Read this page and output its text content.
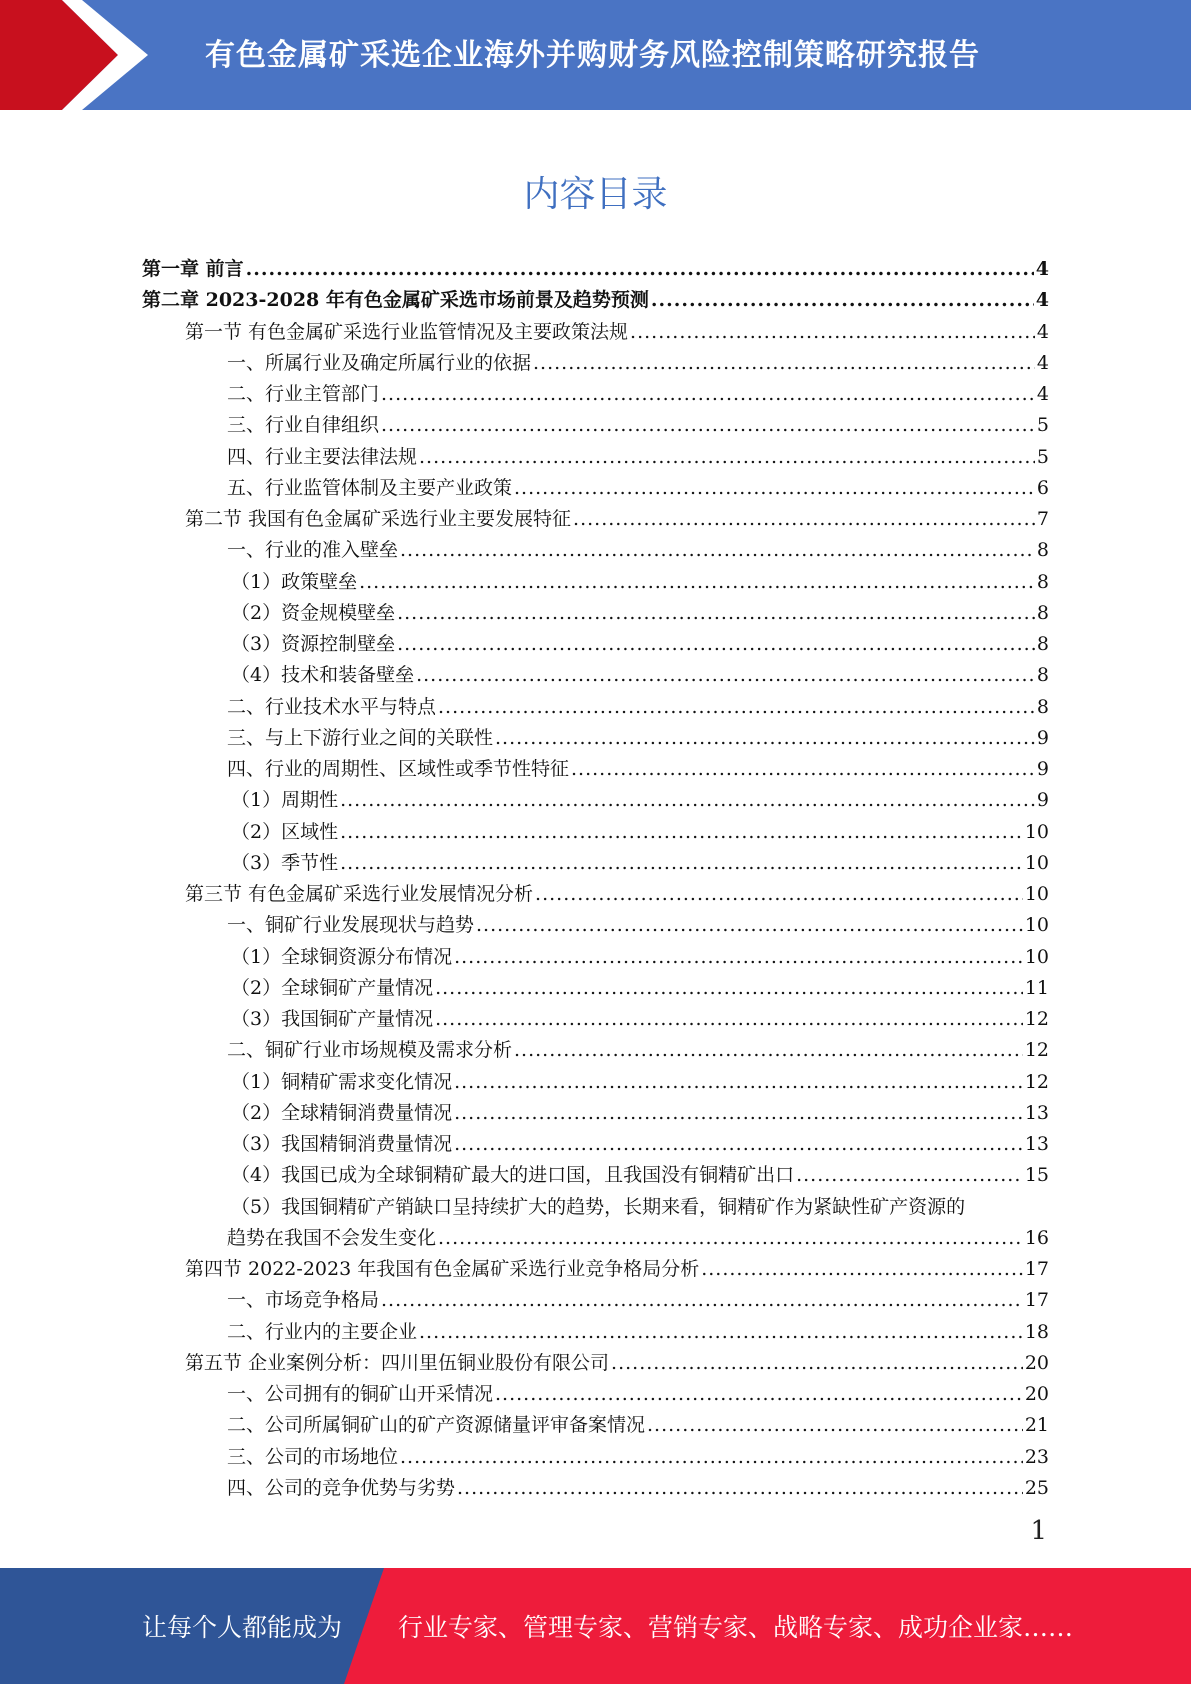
有色金属矿采选企业海外并购财务风险控制策略研究报告
内容目录
第一章 前言 .....	4
第二章 2023-2028 年有色金属矿采选市场前景及趋势预测 .....	4
第一节 有色金属矿采选行业监管情况及主要政策法规 .....	4
一、所属行业及确定所属行业的依据 .....	4
二、行业主管部门 .....	4
三、行业自律组织 .....	5
四、行业主要法律法规 .....	5
五、行业监管体制及主要产业政策 .....	6
第二节 我国有色金属矿采选行业主要发展特征 .....	7
一、行业的准入壁垒 .....	8
（1）政策壁垒 .....	8
（2）资金规模壁垒 .....	8
（3）资源控制壁垒 .....	8
（4）技术和装备壁垒 .....	8
二、行业技术水平与特点 .....	8
三、与上下游行业之间的关联性 .....	9
四、行业的周期性、区域性或季节性特征 .....	9
（1）周期性 .....	9
（2）区域性 .....	10
（3）季节性 .....	10
第三节 有色金属矿采选行业发展情况分析 .....	10
一、铜矿行业发展现状与趋势 .....	10
（1）全球铜资源分布情况 .....	10
（2）全球铜矿产量情况 .....	11
（3）我国铜矿产量情况 .....	12
二、铜矿行业市场规模及需求分析 .....	12
（1）铜精矿需求变化情况 .....	12
（2）全球精铜消费量情况 .....	13
（3）我国精铜消费量情况 .....	13
（4）我国已成为全球铜精矿最大的进口国，且我国没有铜精矿出口 .....	15
（5）我国铜精矿产销缺口呈持续扩大的趋势，长期来看，铜精矿作为紧缺性矿产资源的
趋势在我国不会发生变化 .....	16
第四节 2022-2023 年我国有色金属矿采选行业竞争格局分析 .....	17
一、市场竞争格局 .....	17
二、行业内的主要企业 .....	18
第五节 企业案例分析：四川里伍铜业股份有限公司 .....	20
一、公司拥有的铜矿山开采情况 .....	20
二、公司所属铜矿山的矿产资源储量评审备案情况 .....	21
三、公司的市场地位 .....	23
四、公司的竞争优势与劣势 .....	25
1
让每个人都能成为 行业专家、管理专家、营销专家、战略专家、成功企业家……
